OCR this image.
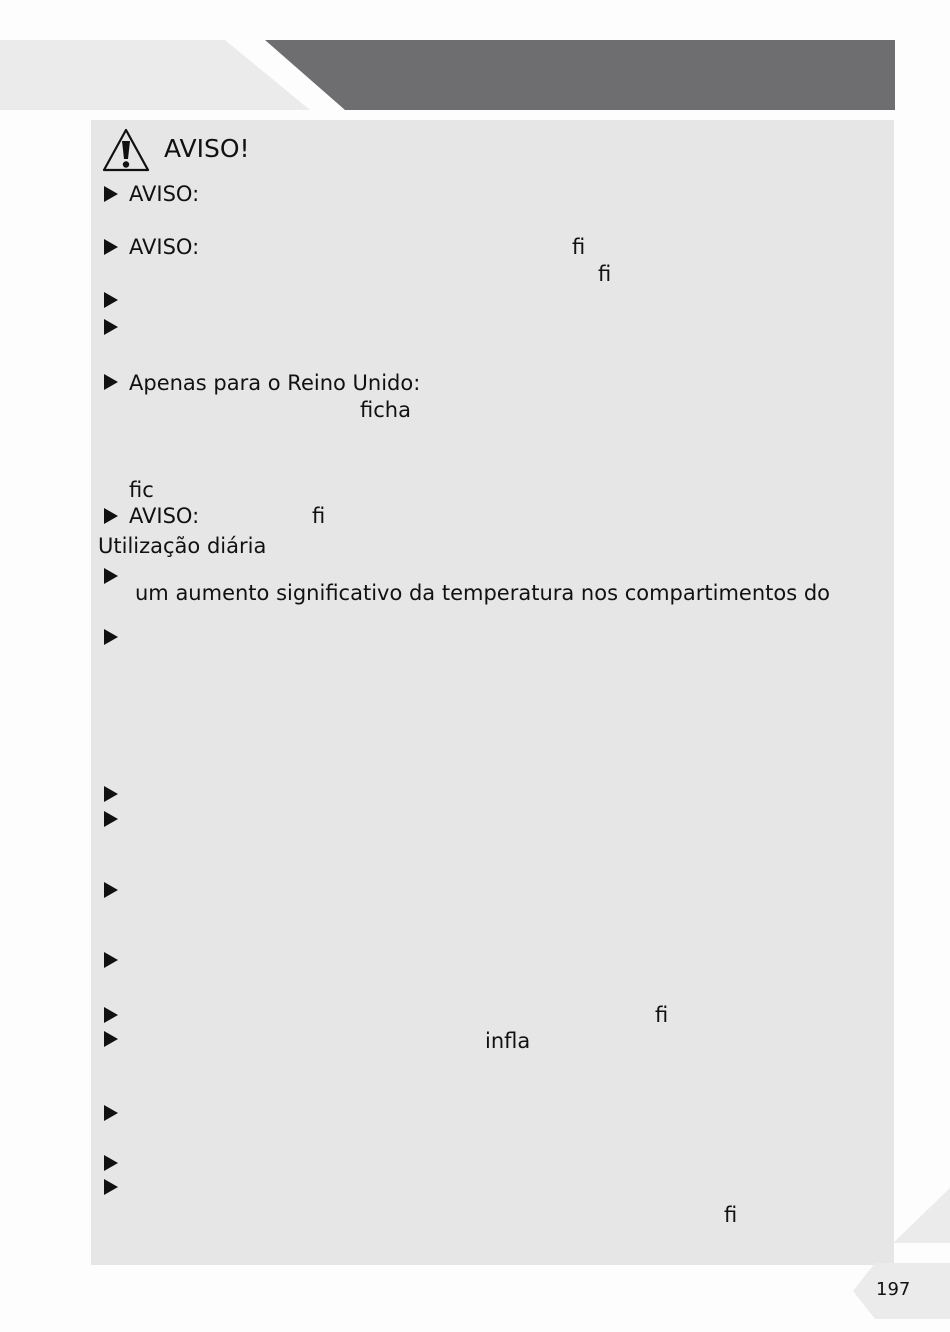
AVISO!
AVISO:
AVISO:	fi
fi
Apenas para o Reino Unido:
ficha
fic
AVISO:	fi
Utilização diária
um aumento significativo da temperatura nos compartimentos do
fi
infla
fi
197
